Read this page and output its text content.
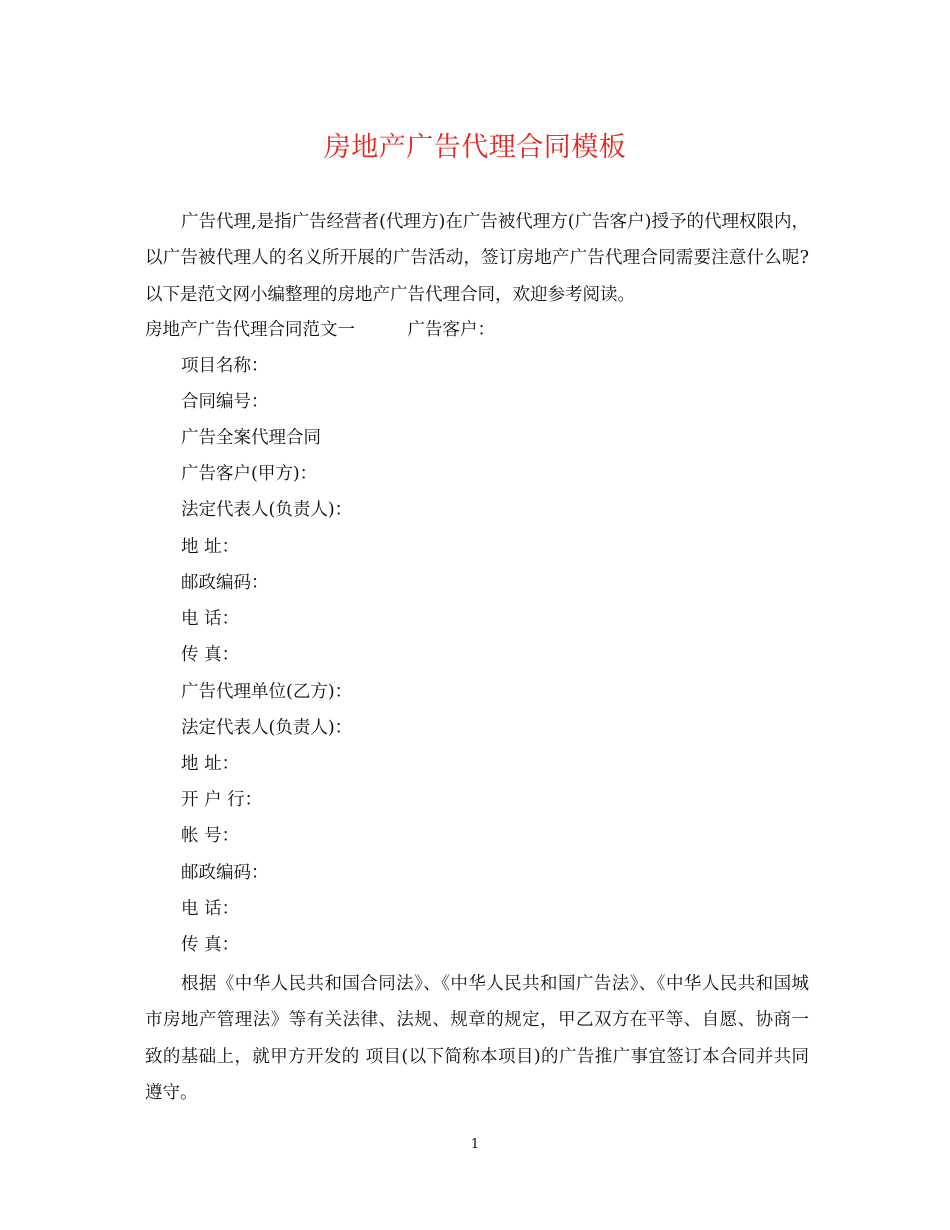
房地产广告代理合同模板

广告代理,是指广告经营者(代理方)在广告被代理方(广告客户)授予的代理权限内，以广告被代理人的名义所开展的广告活动，签订房地产广告代理合同需要注意什么呢?以下是范文网小编整理的房地产广告代理合同，欢迎参考阅读。

房地产广告代理合同范文一　　　广告客户：

项目名称：

合同编号：

广告全案代理合同

广告客户(甲方)：

法定代表人(负责人)：

地 址：

邮政编码：

电 话：

传 真：

广告代理单位(乙方)：

法定代表人(负责人)：

地 址：

开 户 行：

帐 号：

邮政编码：

电 话：

传 真：

根据《中华人民共和国合同法》、《中华人民共和国广告法》、《中华人民共和国城市房地产管理法》等有关法律、法规、规章的规定，甲乙双方在平等、自愿、协商一致的基础上，就甲方开发的 项目(以下简称本项目)的广告推广事宜签订本合同并共同遵守。

1
